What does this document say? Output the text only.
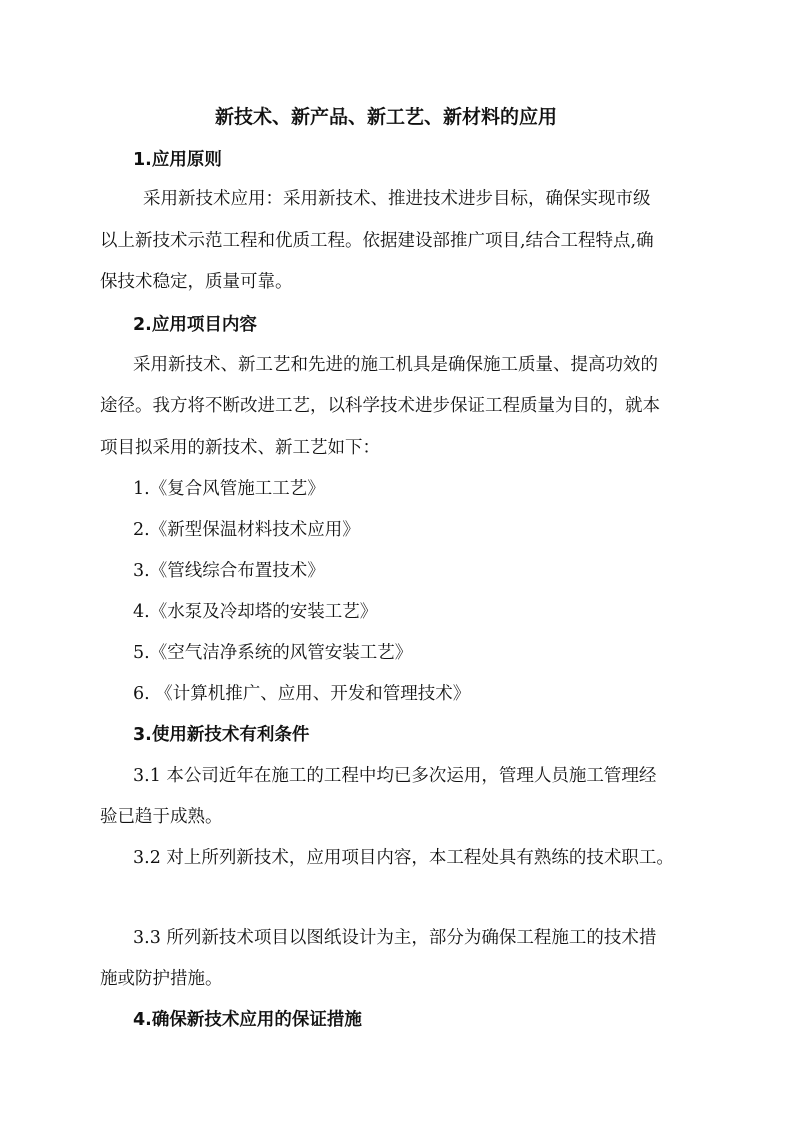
新技术、新产品、新工艺、新材料的应用
1.应用原则
采用新技术应用：采用新技术、推进技术进步目标，确保实现市级
以上新技术示范工程和优质工程。依据建设部推广项目,结合工程特点,确
保技术稳定，质量可靠。
2.应用项目内容
采用新技术、新工艺和先进的施工机具是确保施工质量、提高功效的
途径。我方将不断改进工艺，以科学技术进步保证工程质量为目的，就本
项目拟采用的新技术、新工艺如下：
1.《复合风管施工工艺》
2.《新型保温材料技术应用》
3.《管线综合布置技术》
4.《水泵及冷却塔的安装工艺》
5.《空气洁净系统的风管安装工艺》
6. 《计算机推广、应用、开发和管理技术》
3.使用新技术有利条件
3.1 本公司近年在施工的工程中均已多次运用，管理人员施工管理经
验已趋于成熟。
3.2 对上所列新技术，应用项目内容，本工程处具有熟练的技术职工。
3.3 所列新技术项目以图纸设计为主，部分为确保工程施工的技术措
施或防护措施。
4.确保新技术应用的保证措施
